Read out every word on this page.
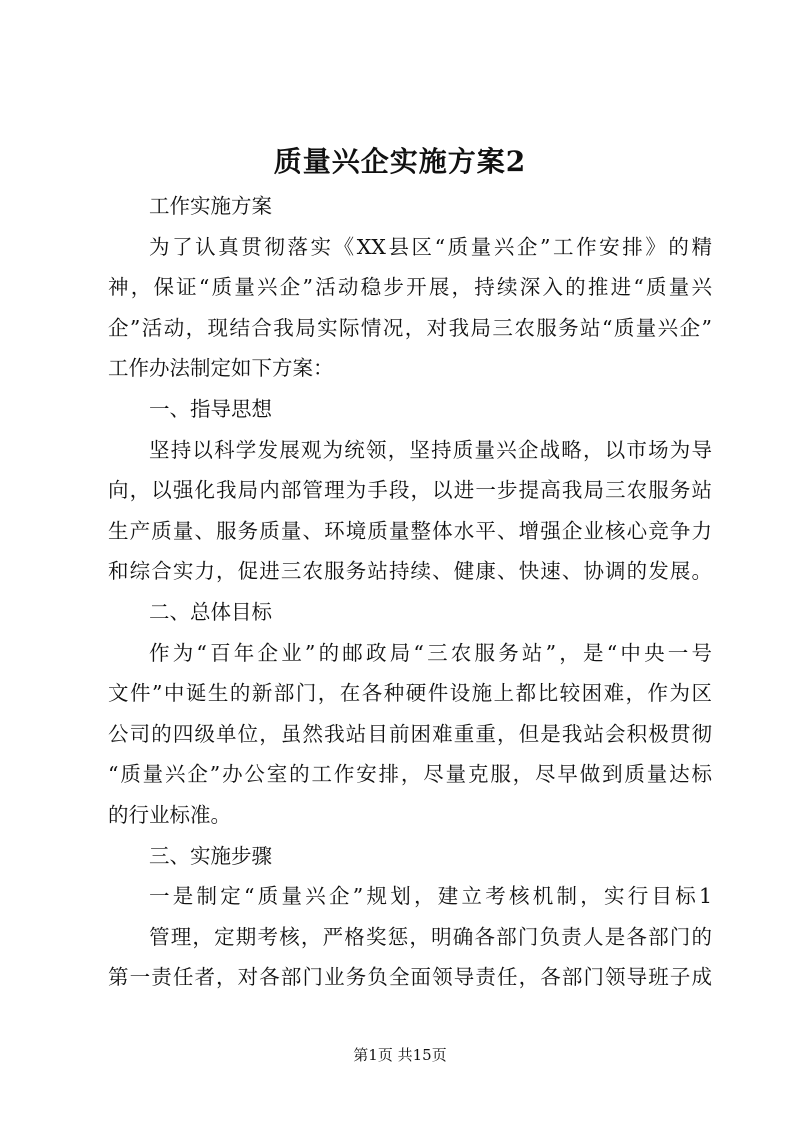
质量兴企实施方案2
工作实施方案
为了认真贯彻落实《XX县区“质量兴企”工作安排》的精
神，保证“质量兴企”活动稳步开展，持续深入的推进“质量兴
企”活动，现结合我局实际情况，对我局三农服务站“质量兴企”
工作办法制定如下方案：
一、指导思想
坚持以科学发展观为统领，坚持质量兴企战略，以市场为导
向，以强化我局内部管理为手段，以进一步提高我局三农服务站
生产质量、服务质量、环境质量整体水平、增强企业核心竞争力
和综合实力，促进三农服务站持续、健康、快速、协调的发展。
二、总体目标
作为“百年企业”的邮政局“三农服务站”，是“中央一号
文件”中诞生的新部门，在各种硬件设施上都比较困难，作为区
公司的四级单位，虽然我站目前困难重重，但是我站会积极贯彻
“质量兴企”办公室的工作安排，尽量克服，尽早做到质量达标
的行业标准。
三、实施步骤
一是制定“质量兴企”规划，建立考核机制，实行目标1
管理，定期考核，严格奖惩，明确各部门负责人是各部门的
第一责任者，对各部门业务负全面领导责任，各部门领导班子成
第1页 共15页
